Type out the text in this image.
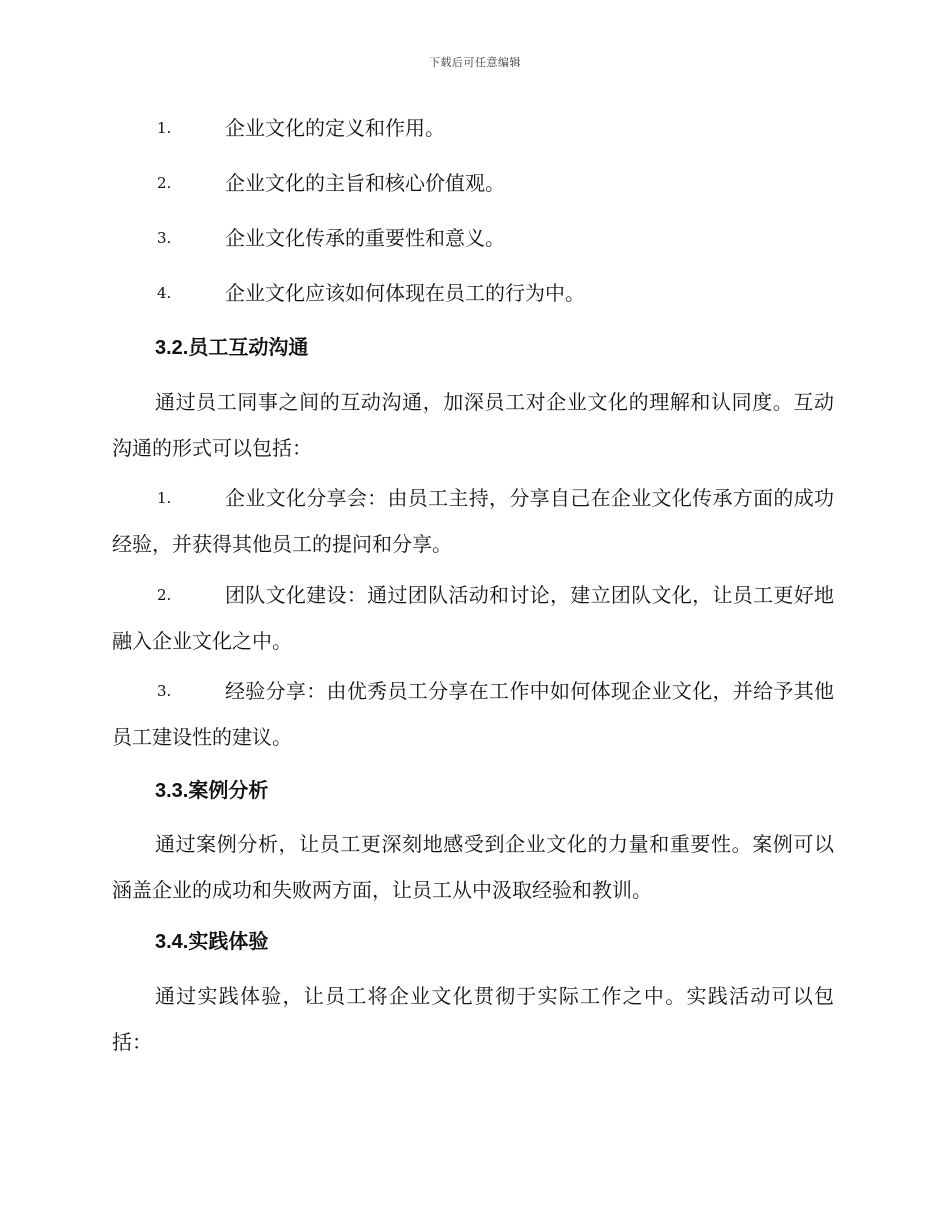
下载后可任意编辑
1.	企业文化的定义和作用。
2.	企业文化的主旨和核心价值观。
3.	企业文化传承的重要性和意义。
4.	企业文化应该如何体现在员工的行为中。
3.2.员工互动沟通
通过员工同事之间的互动沟通，加深员工对企业文化的理解和认同度。互动沟通的形式可以包括：
1.	企业文化分享会：由员工主持，分享自己在企业文化传承方面的成功经验，并获得其他员工的提问和分享。
2.	团队文化建设：通过团队活动和讨论，建立团队文化，让员工更好地融入企业文化之中。
3.	经验分享：由优秀员工分享在工作中如何体现企业文化，并给予其他员工建设性的建议。
3.3.案例分析
通过案例分析，让员工更深刻地感受到企业文化的力量和重要性。案例可以涵盖企业的成功和失败两方面，让员工从中汲取经验和教训。
3.4.实践体验
通过实践体验，让员工将企业文化贯彻于实际工作之中。实践活动可以包括：
